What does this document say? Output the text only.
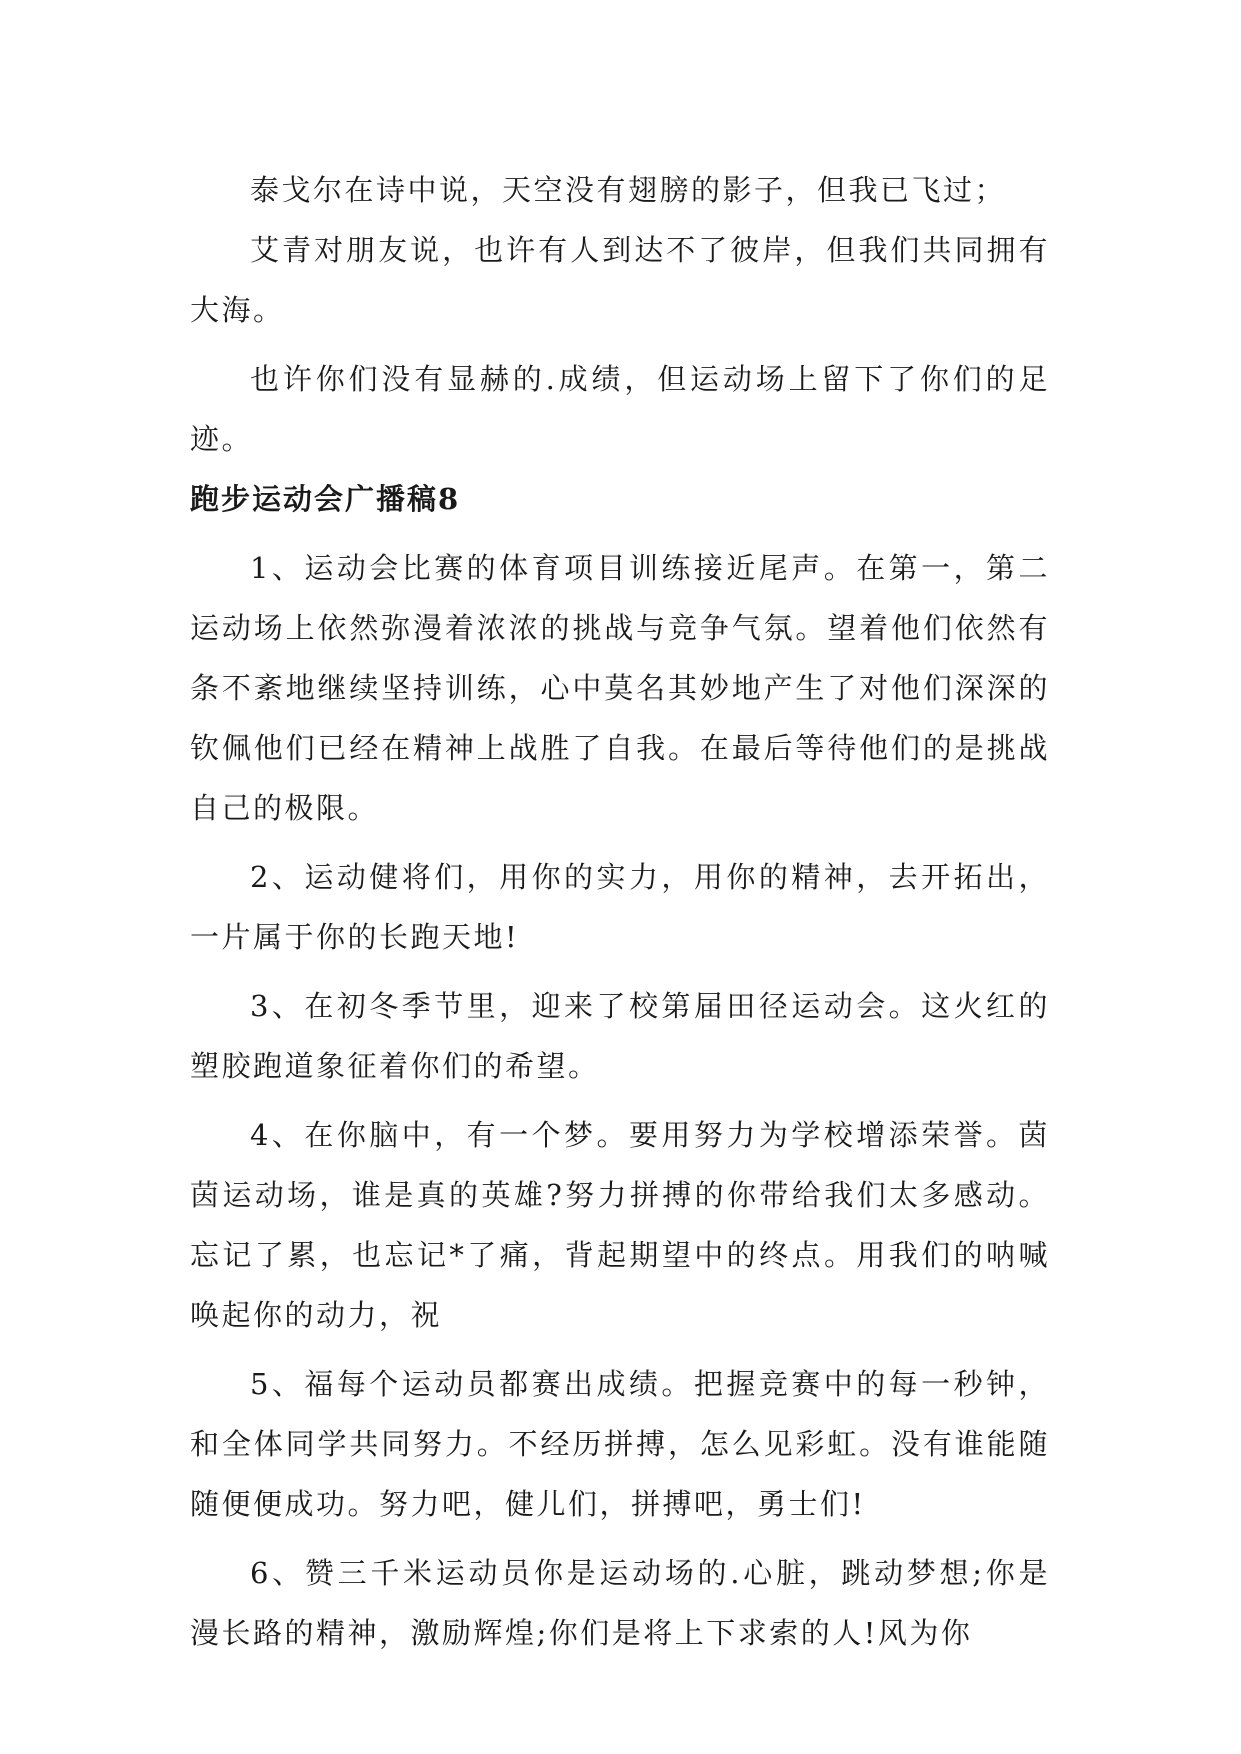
泰戈尔在诗中说，天空没有翅膀的影子，但我已飞过；

艾青对朋友说，也许有人到达不了彼岸，但我们共同拥有大海。

也许你们没有显赫的.成绩，但运动场上留下了你们的足迹。

跑步运动会广播稿8

1、运动会比赛的体育项目训练接近尾声。在第一，第二运动场上依然弥漫着浓浓的挑战与竞争气氛。望着他们依然有条不紊地继续坚持训练，心中莫名其妙地产生了对他们深深的钦佩他们已经在精神上战胜了自我。在最后等待他们的是挑战自己的极限。

2、运动健将们，用你的实力，用你的精神，去开拓出，一片属于你的长跑天地!

3、在初冬季节里，迎来了校第届田径运动会。这火红的塑胶跑道象征着你们的希望。

4、在你脑中，有一个梦。要用努力为学校增添荣誉。茵茵运动场，谁是真的英雄?努力拼搏的你带给我们太多感动。忘记了累，也忘记*了痛，背起期望中的终点。用我们的呐喊唤起你的动力，祝

5、福每个运动员都赛出成绩。把握竞赛中的每一秒钟，和全体同学共同努力。不经历拼搏，怎么见彩虹。没有谁能随随便便成功。努力吧，健儿们，拼搏吧，勇士们!

6、赞三千米运动员你是运动场的.心脏，跳动梦想;你是漫长路的精神，激励辉煌;你们是将上下求索的人!风为你
